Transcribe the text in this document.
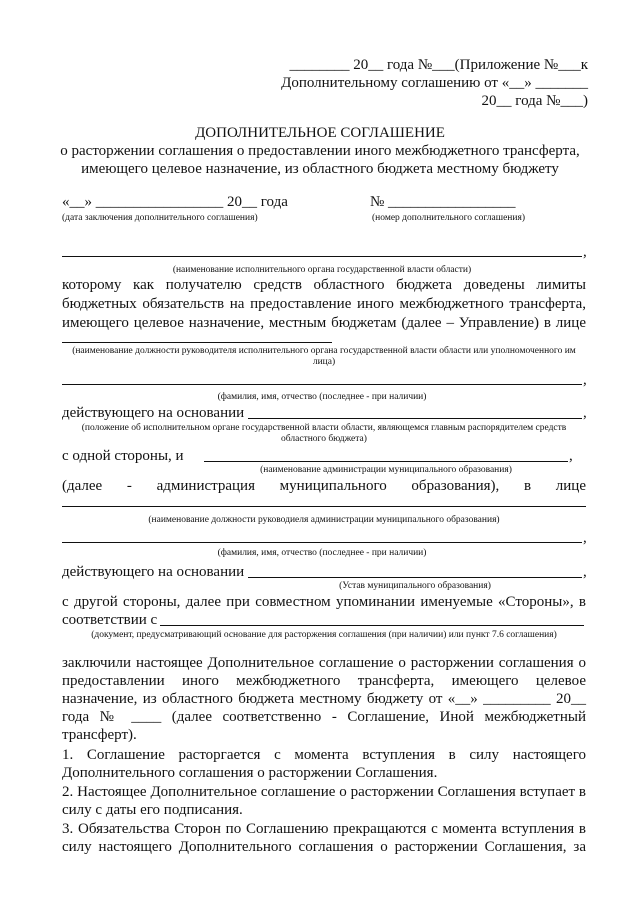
________ 20__ года №___(Приложение №___к
Дополнительному соглашению от «__» _______
20__ года №___)
ДОПОЛНИТЕЛЬНОЕ СОГЛАШЕНИЕ
о расторжении соглашения о предоставлении иного межбюджетного трансферта,
имеющего целевое назначение, из областного бюджета местному бюджету
«__» _________________ 20__ года	№ _________________
(дата заключения дополнительного соглашения)	(номер дополнительного соглашения)
,
(наименование исполнительного органа государственной власти области)
которому как получателю средств областного бюджета доведены лимиты
бюджетных обязательств на предоставление иного межбюджетного трансферта,
имеющего целевое назначение, местным бюджетам (далее – Управление) в лице
(наименование должности руководителя исполнительного органа государственной власти области или уполномоченного им лица)
,
(фамилия, имя, отчество (последнее - при наличии)
действующего на основании	,
(положение об исполнительном органе государственной власти области, являющемся главным распорядителем средств областного бюджета)
с одной стороны, и	,
(наименование администрации муниципального образования)
(далее - администрация муниципального образования), в лице
(наименование должности руководиеля администрации муниципального образования)
,
(фамилия, имя, отчество (последнее - при наличии)
действующего на основании	,
(Устав муниципального образования)
с другой стороны, далее при совместном упоминании именуемые «Стороны», в
соответствии с
(документ, предусматривающий основание для расторжения соглашения (при наличии) или пункт 7.6 соглашения)
заключили настоящее Дополнительное соглашение о расторжении соглашения о предоставлении иного межбюджетного трансферта, имеющего целевое назначение, из областного бюджета местному бюджету от «__» _________ 20__ года № ____ (далее соответственно - Соглашение, Иной межбюджетный трансферт).
1. Соглашение расторгается с момента вступления в силу настоящего Дополнительного соглашения о расторжении Соглашения.
2. Настоящее Дополнительное соглашение о расторжении Соглашения вступает в силу с даты его подписания.
3. Обязательства Сторон по Соглашению прекращаются с момента вступления в силу настоящего Дополнительного соглашения о расторжении Соглашения, за
